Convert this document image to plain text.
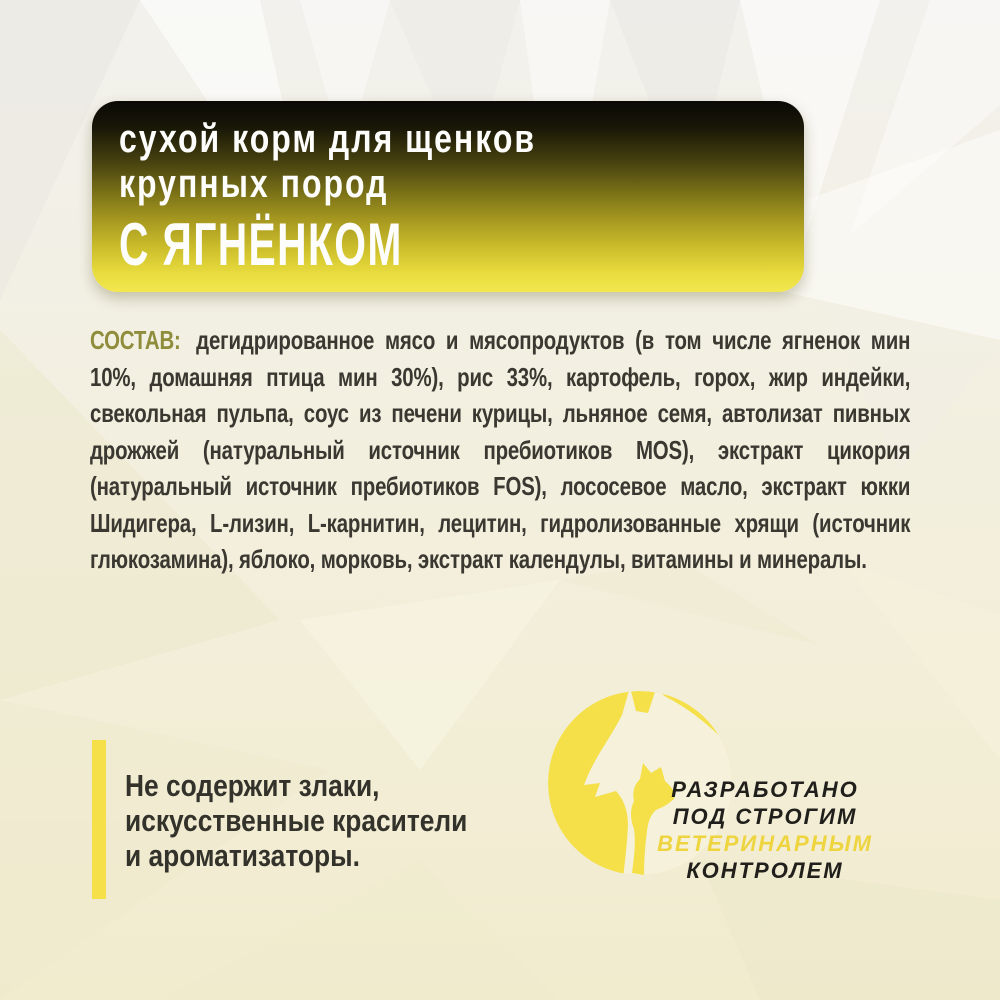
сухой корм для щенков
крупных пород
С ЯГНЁНКОМ
СОСТАВ: дегидрированное мясо и мясопродуктов (в том числе ягненок мин
10%, домашняя птица мин 30%), рис 33%, картофель, горох, жир индейки,
свекольная пульпа, соус из печени курицы, льняное семя, автолизат пивных
дрожжей (натуральный источник пребиотиков MOS), экстракт цикория
(натуральный источник пребиотиков FOS), лососевое масло, экстракт юкки
Шидигера, L-лизин, L-карнитин, лецитин, гидролизованные хрящи (источник
глюкозамина), яблоко, морковь, экстракт календулы, витамины и минералы.
Не содержит злаки,
искусственные красители
и ароматизаторы.
РАЗРАБОТАНО
ПОД СТРОГИМ
ВЕТЕРИНАРНЫМ
КОНТРОЛЕМ
